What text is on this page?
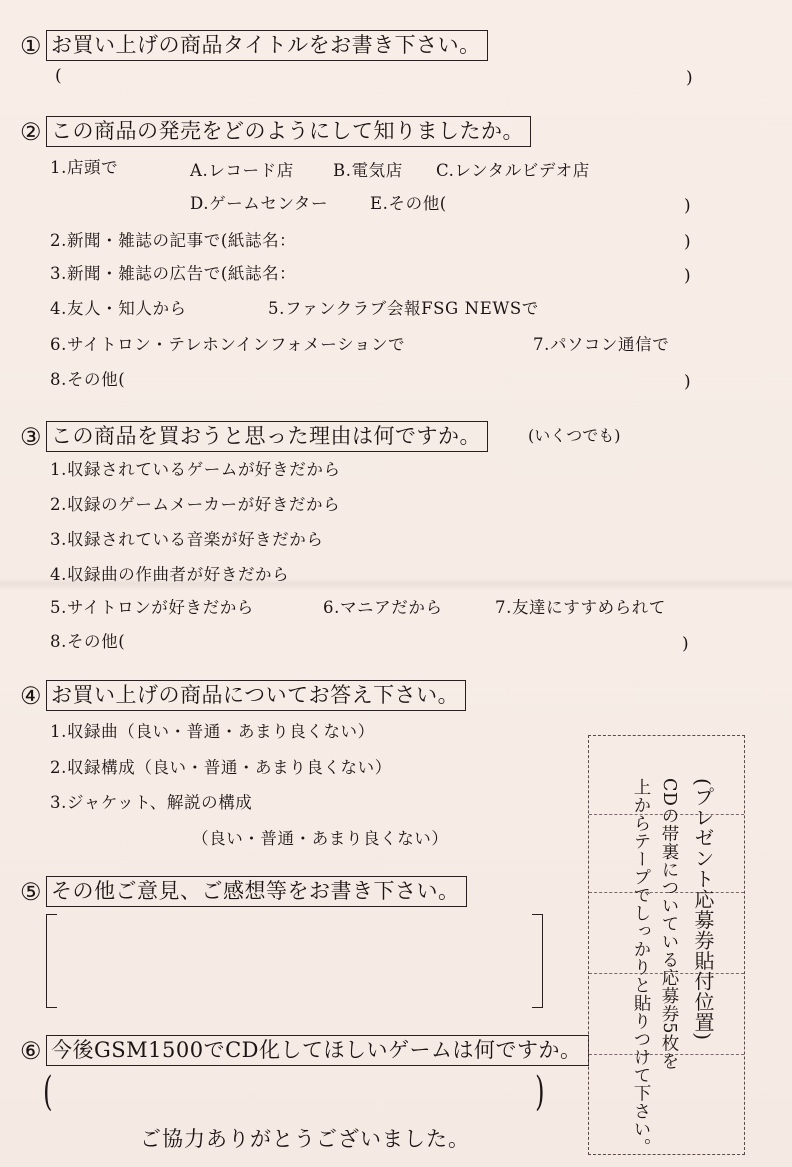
① お買い上げの商品タイトルをお書き下さい。
(	)
② この商品の発売をどのようにして知りましたか。
1.店頭で	A.レコード店 B.電気店 C.レンタルビデオ店
D.ゲームセンター	E.その他(	)
2.新聞・雑誌の記事で(紙誌名：	)
3.新聞・雑誌の広告で(紙誌名：	)
4.友人・知人から	5.ファンクラブ会報FSG NEWSで
6.サイトロン・テレホンインフォメーションで	7.パソコン通信で
8.その他(	)
③ この商品を買おうと思った理由は何ですか。	(いくつでも)
1.収録されているゲームが好きだから
2.収録のゲームメーカーが好きだから
3.収録されている音楽が好きだから
4.収録曲の作曲者が好きだから
5.サイトロンが好きだから	6.マニアだから	7.友達にすすめられて
8.その他(	)
④ お買い上げの商品についてお答え下さい。
1.収録曲（良い・普通・あまり良くない）
2.収録構成（良い・普通・あまり良くない）
3.ジャケット、解説の構成
（良い・普通・あまり良くない）
⑤ その他ご意見、ご感想等をお書き下さい。
⑥ 今後GSM1500でCD化してほしいゲームは何ですか。
(	)
(プレゼント応募券貼付位置)
CDの帯裏についている応募券5枚を
上からテープでしっかりと貼りつけて下さい。
ご協力ありがとうございました。
